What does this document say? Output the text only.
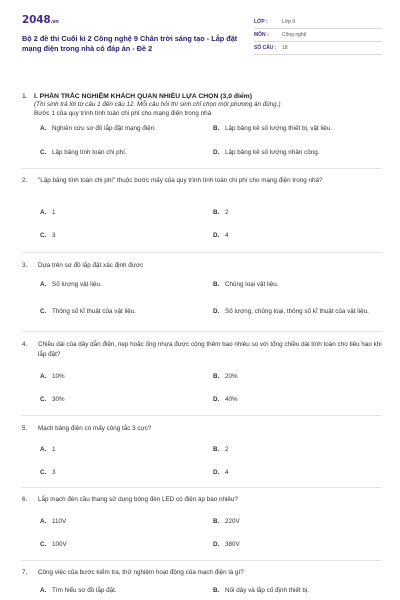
2048.vn
Bộ 2 đề thi Cuối kì 2 Công nghệ 9 Chân trời sáng tạo - Lắp đặt mạng điện trong nhà có đáp án - Đề 2
LỚP :	Lớp 9
MÔN :	Công nghệ
SỐ CÂU :	18
1. I. PHẦN TRẮC NGHIỆM KHÁCH QUAN NHIỀU LỰA CHỌN (3,0 điểm)
(Thí sinh trả lời từ câu 1 đến câu 12. Mỗi câu hỏi thí sinh chỉ chọn một phương án đúng.)
Bước 1 của quy trình tính toán chi phí cho mạng điện trong nhà
A. Nghiên cứu sơ đồ lắp đặt mạng điện.	B. Lập bảng kê số lượng thiết bị, vật liệu.
C. Lập bảng tính toán chi phí.	D. Lập bảng kê số lượng nhân công.
2.	"Lập bảng tính toán chi phí" thuộc bước mấy của quy trình tính toán chi phí cho mạng điện trong nhà?
A. 1	B. 2
C. 3	D. 4
3.	Dựa trên sơ đồ lắp đặt xác định được
A. Số lượng vật liệu.	B. Chủng loại vật liệu.
C. Thông số kĩ thuật của vật liệu.	D. Số lượng, chủng loại, thông số kĩ thuật của vật liệu.
4.	Chiều dài của dây dẫn điện, nẹp hoặc ống nhựa được cộng thêm bao nhiêu so với tổng chiều dài tính toán cho tiêu hao khi lắp đặt?
A. 10%	B. 20%
C. 30%	D. 40%
5.	Mạch bảng điện có mấy công tắc 3 cực?
A. 1	B. 2
C. 3	D. 4
6.	Lắp mạch đèn cầu thang sử dụng bóng đèn LED có điện áp bao nhiêu?
A. 110V	B. 220V
C. 100V	D. 380V
7.	Công việc của bước kiểm tra, thử nghiệm hoạt động của mạch điện là gì?
A. Tìm hiểu sơ đồ lắp đặt.	B. Nối dây và lắp cố định thiết bị.
